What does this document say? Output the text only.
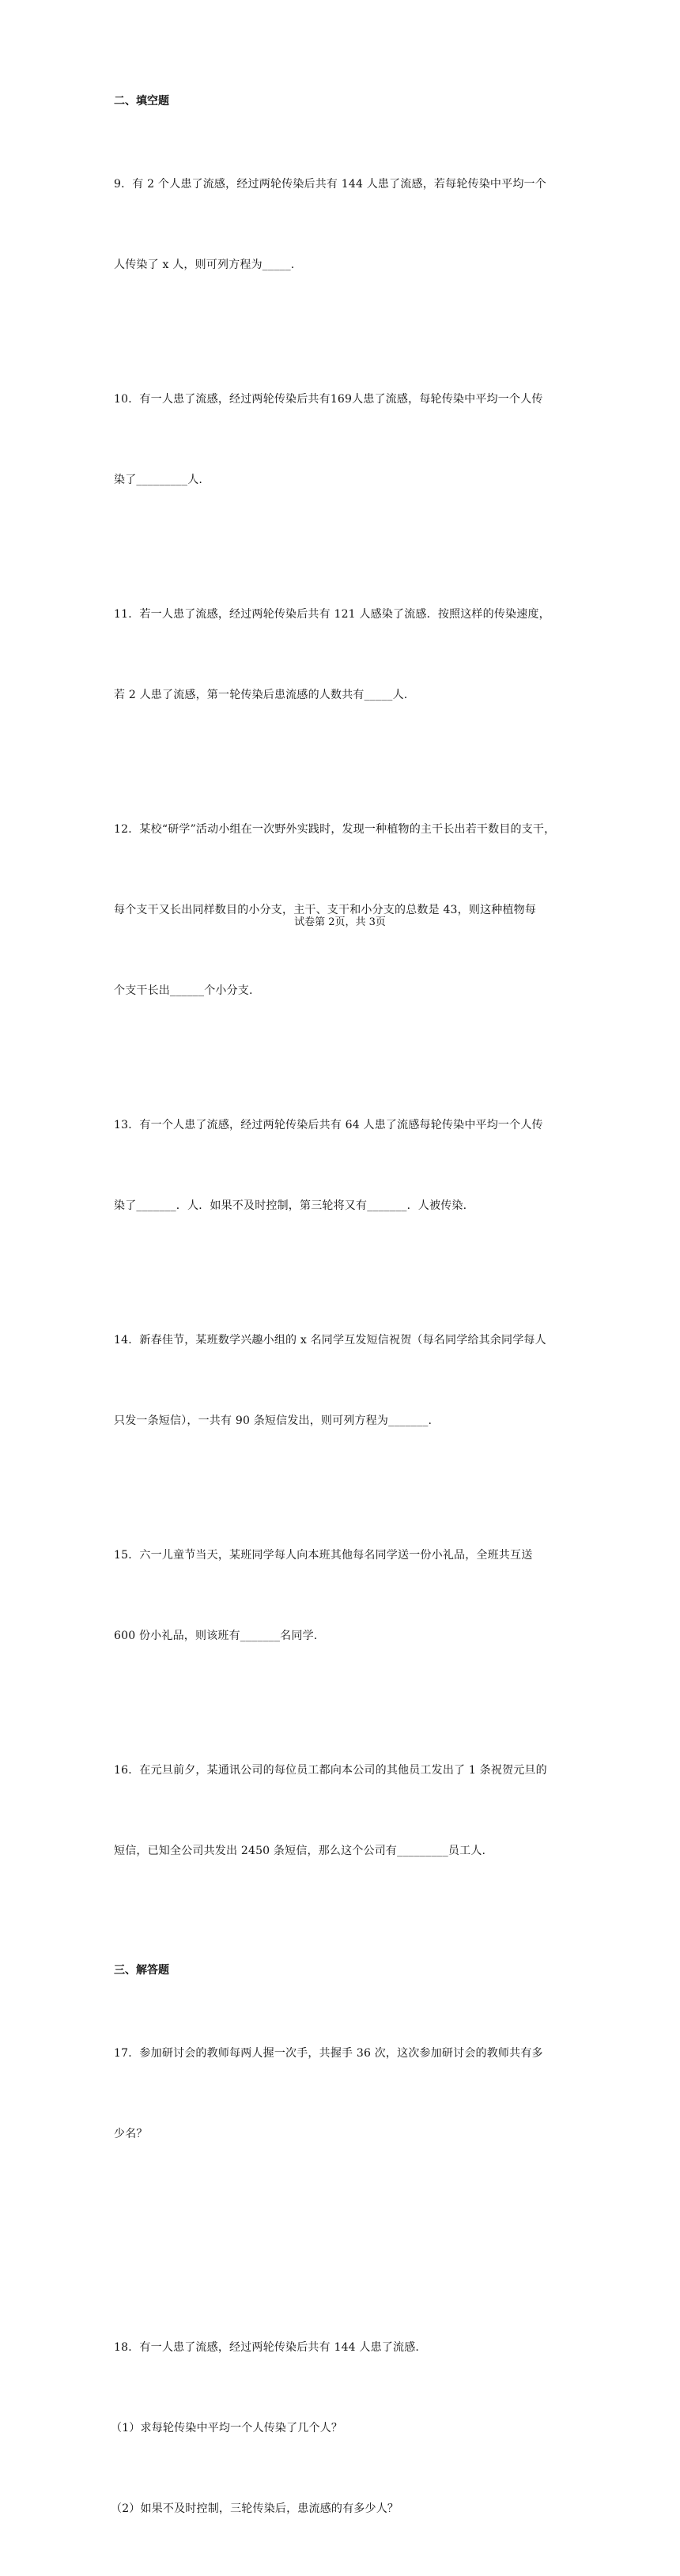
二、填空题

9．有 2 个人患了流感，经过两轮传染后共有 144 人患了流感，若每轮传染中平均一个

人传染了 x 人，则可列方程为_____.

10．有一人患了流感，经过两轮传染后共有169人患了流感，每轮传染中平均一个人传

染了_________人.

11．若一人患了流感，经过两轮传染后共有 121 人感染了流感．按照这样的传染速度，

若 2 人患了流感，第一轮传染后患流感的人数共有_____人.

12．某校“研学”活动小组在一次野外实践时，发现一种植物的主干长出若干数目的支干，

每个支干又长出同样数目的小分支，主干、支干和小分支的总数是 43，则这种植物每

个支干长出______个小分支.

13．有一个人患了流感，经过两轮传染后共有 64 人患了流感每轮传染中平均一个人传

染了_______．人．如果不及时控制，第三轮将又有_______．人被传染.

14．新春佳节，某班数学兴趣小组的 x 名同学互发短信祝贺（每名同学给其余同学每人

只发一条短信），一共有 90 条短信发出，则可列方程为_______.

15．六一儿童节当天，某班同学每人向本班其他每名同学送一份小礼品，全班共互送

600 份小礼品，则该班有_______名同学.

16．在元旦前夕，某通讯公司的每位员工都向本公司的其他员工发出了 1 条祝贺元旦的

短信，已知全公司共发出 2450 条短信，那么这个公司有_________员工人.

三、解答题

17．参加研讨会的教师每两人握一次手，共握手 36 次，这次参加研讨会的教师共有多

少名？

18．有一人患了流感，经过两轮传染后共有 144 人患了流感.

（1）求每轮传染中平均一个人传染了几个人？

（2）如果不及时控制，三轮传染后，患流感的有多少人？

试卷第 2页，共 3页
